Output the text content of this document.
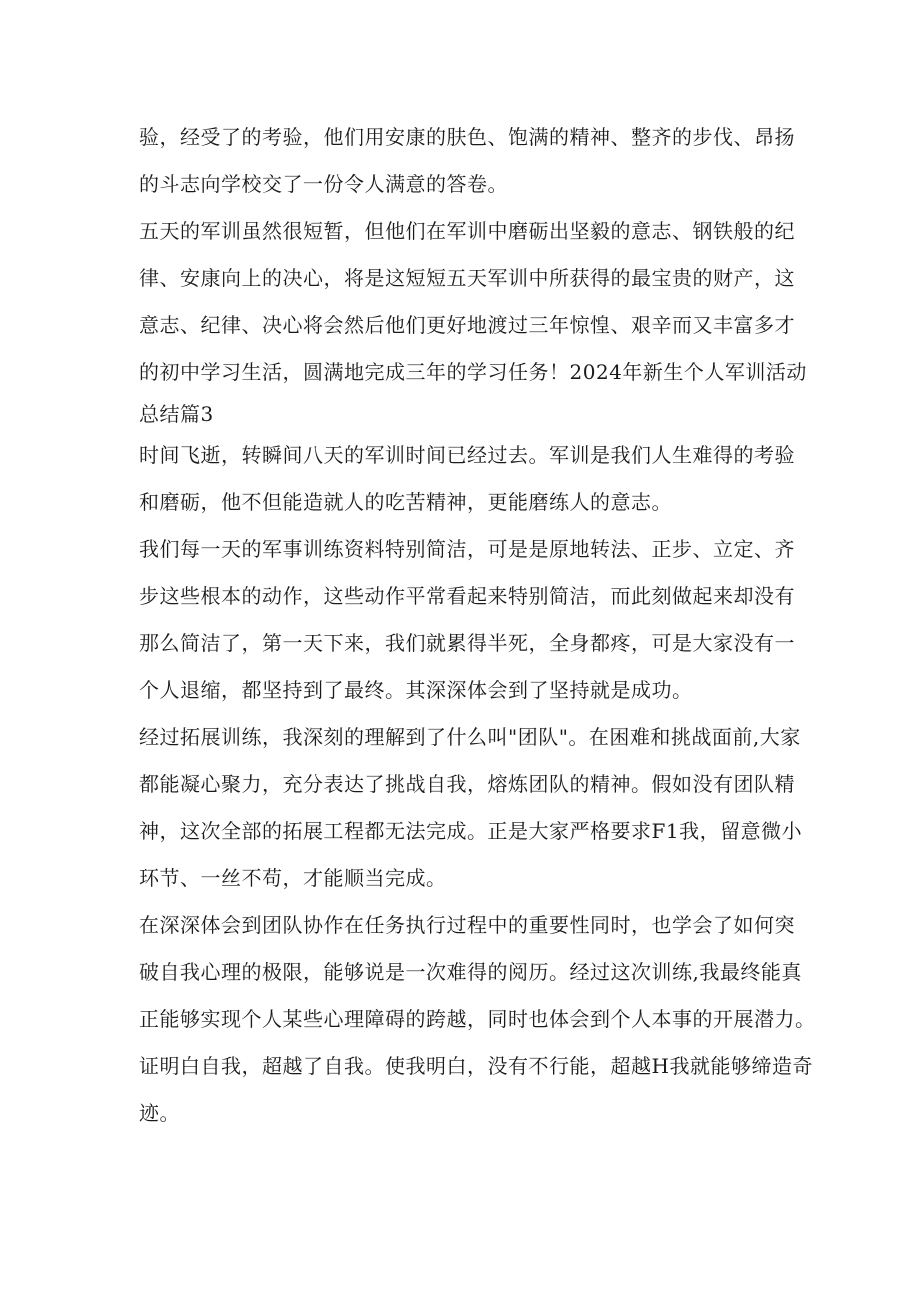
验，经受了的考验，他们用安康的肤色、饱满的精神、整齐的步伐、昂扬
的斗志向学校交了一份令人满意的答卷。
五天的军训虽然很短暂，但他们在军训中磨砺出坚毅的意志、钢铁般的纪
律、安康向上的决心，将是这短短五天军训中所获得的最宝贵的财产，这
意志、纪律、决心将会然后他们更好地渡过三年惊惶、艰辛而又丰富多才
的初中学习生活，圆满地完成三年的学习任务！2024年新生个人军训活动
总结篇3
时间飞逝，转瞬间八天的军训时间已经过去。军训是我们人生难得的考验
和磨砺，他不但能造就人的吃苦精神，更能磨练人的意志。
我们每一天的军事训练资料特别简洁，可是是原地转法、正步、立定、齐
步这些根本的动作，这些动作平常看起来特别简洁，而此刻做起来却没有
那么简洁了，第一天下来，我们就累得半死，全身都疼，可是大家没有一
个人退缩，都坚持到了最终。其深深体会到了坚持就是成功。
经过拓展训练，我深刻的理解到了什么叫"团队"。在困难和挑战面前,大家
都能凝心聚力，充分表达了挑战自我，熔炼团队的精神。假如没有团队精
神，这次全部的拓展工程都无法完成。正是大家严格要求F1我，留意微小
环节、一丝不苟，才能顺当完成。
在深深体会到团队协作在任务执行过程中的重要性同时，也学会了如何突
破自我心理的极限，能够说是一次难得的阅历。经过这次训练,我最终能真
正能够实现个人某些心理障碍的跨越，同时也体会到个人本事的开展潜力。
证明白自我，超越了自我。使我明白，没有不行能，超越H我就能够缔造奇
迹。
